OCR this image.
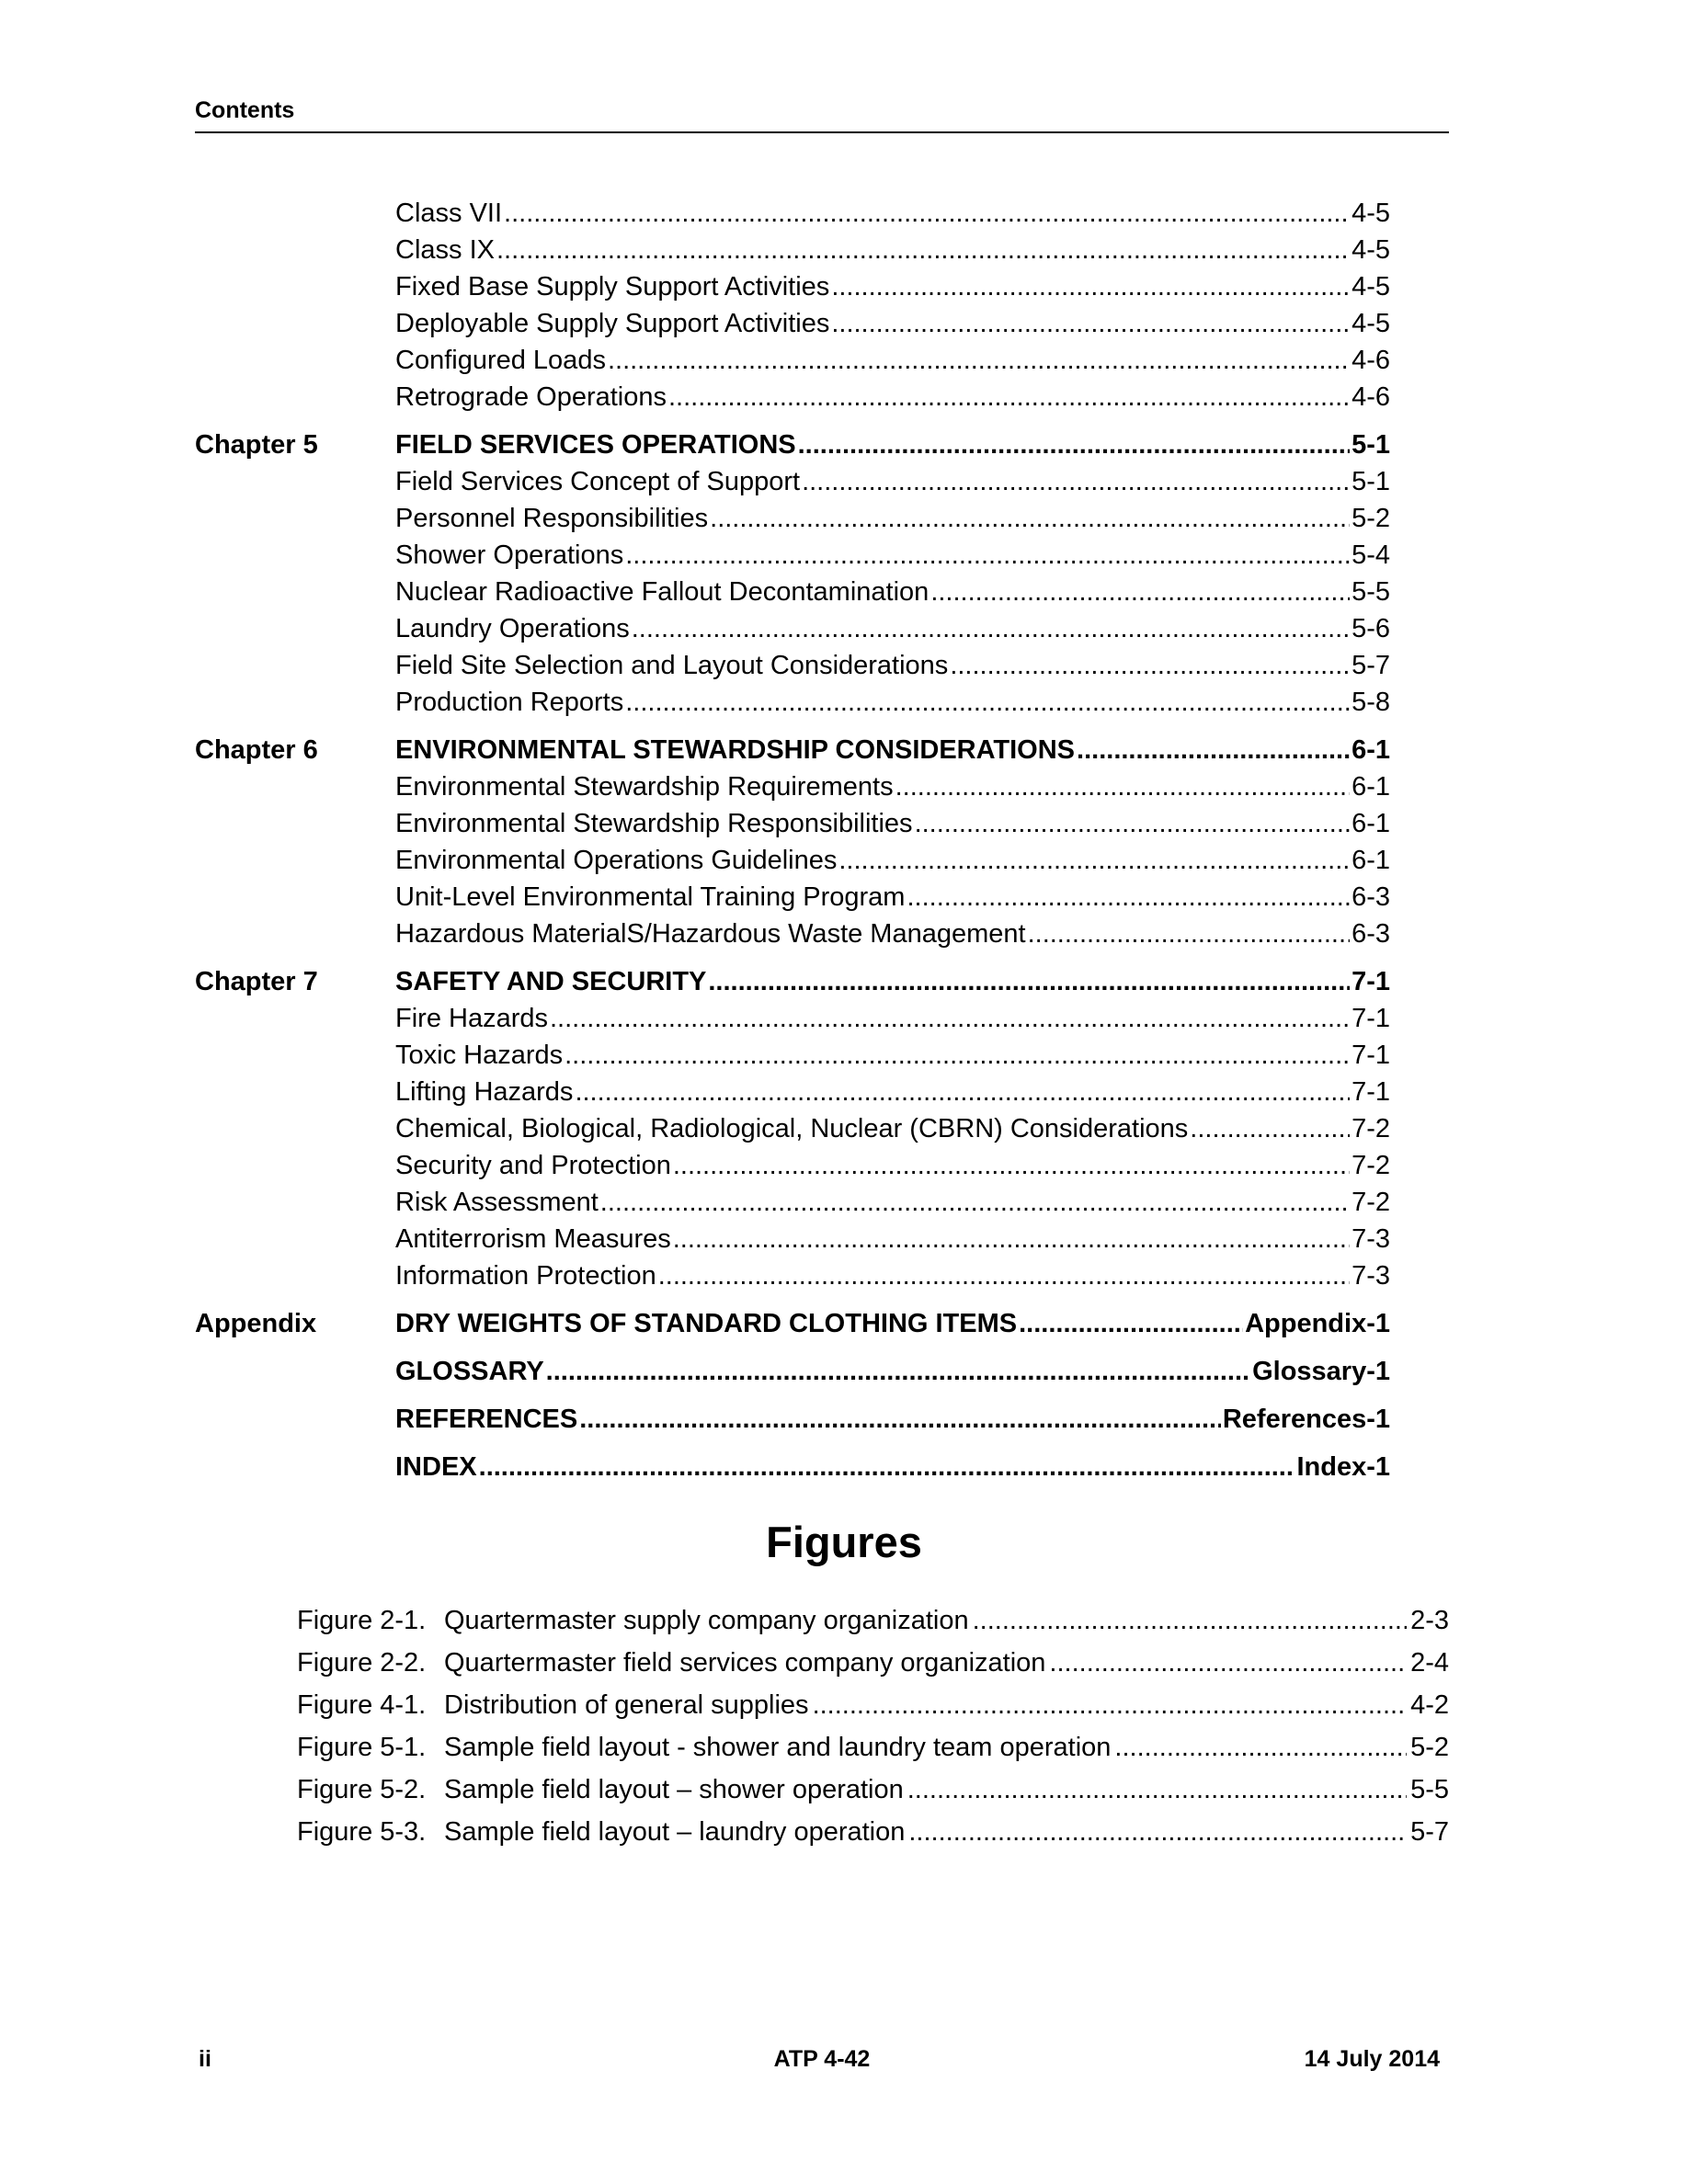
Contents
Class VII .....	4-5
Class IX .....	4-5
Fixed Base Supply Support Activities .....	4-5
Deployable Supply Support Activities .....	4-5
Configured Loads .....	4-6
Retrograde Operations .....	4-6
Chapter 5	FIELD SERVICES OPERATIONS .....	5-1
Field Services Concept of Support .....	5-1
Personnel Responsibilities .....	5-2
Shower Operations .....	5-4
Nuclear Radioactive Fallout Decontamination .....	5-5
Laundry Operations .....	5-6
Field Site Selection and Layout Considerations .....	5-7
Production Reports .....	5-8
Chapter 6	ENVIRONMENTAL STEWARDSHIP CONSIDERATIONS .....	6-1
Environmental Stewardship Requirements .....	6-1
Environmental Stewardship Responsibilities .....	6-1
Environmental Operations Guidelines .....	6-1
Unit-Level Environmental Training Program .....	6-3
Hazardous MaterialS/Hazardous Waste Management .....	6-3
Chapter 7	SAFETY AND SECURITY .....	7-1
Fire Hazards .....	7-1
Toxic Hazards .....	7-1
Lifting Hazards .....	7-1
Chemical, Biological, Radiological, Nuclear (CBRN) Considerations .....	7-2
Security and Protection .....	7-2
Risk Assessment .....	7-2
Antiterrorism Measures .....	7-3
Information Protection .....	7-3
Appendix	DRY WEIGHTS OF STANDARD CLOTHING ITEMS .....	Appendix-1
GLOSSARY .....	Glossary-1
REFERENCES .....	References-1
INDEX .....	Index-1
Figures
Figure 2-1. Quartermaster supply company organization .....	2-3
Figure 2-2. Quartermaster field services company organization .....	2-4
Figure 4-1. Distribution of general supplies .....	4-2
Figure 5-1. Sample field layout - shower and laundry team operation .....	5-2
Figure 5-2. Sample field layout – shower operation .....	5-5
Figure 5-3. Sample field layout – laundry operation .....	5-7
ii	ATP 4-42	14 July 2014
